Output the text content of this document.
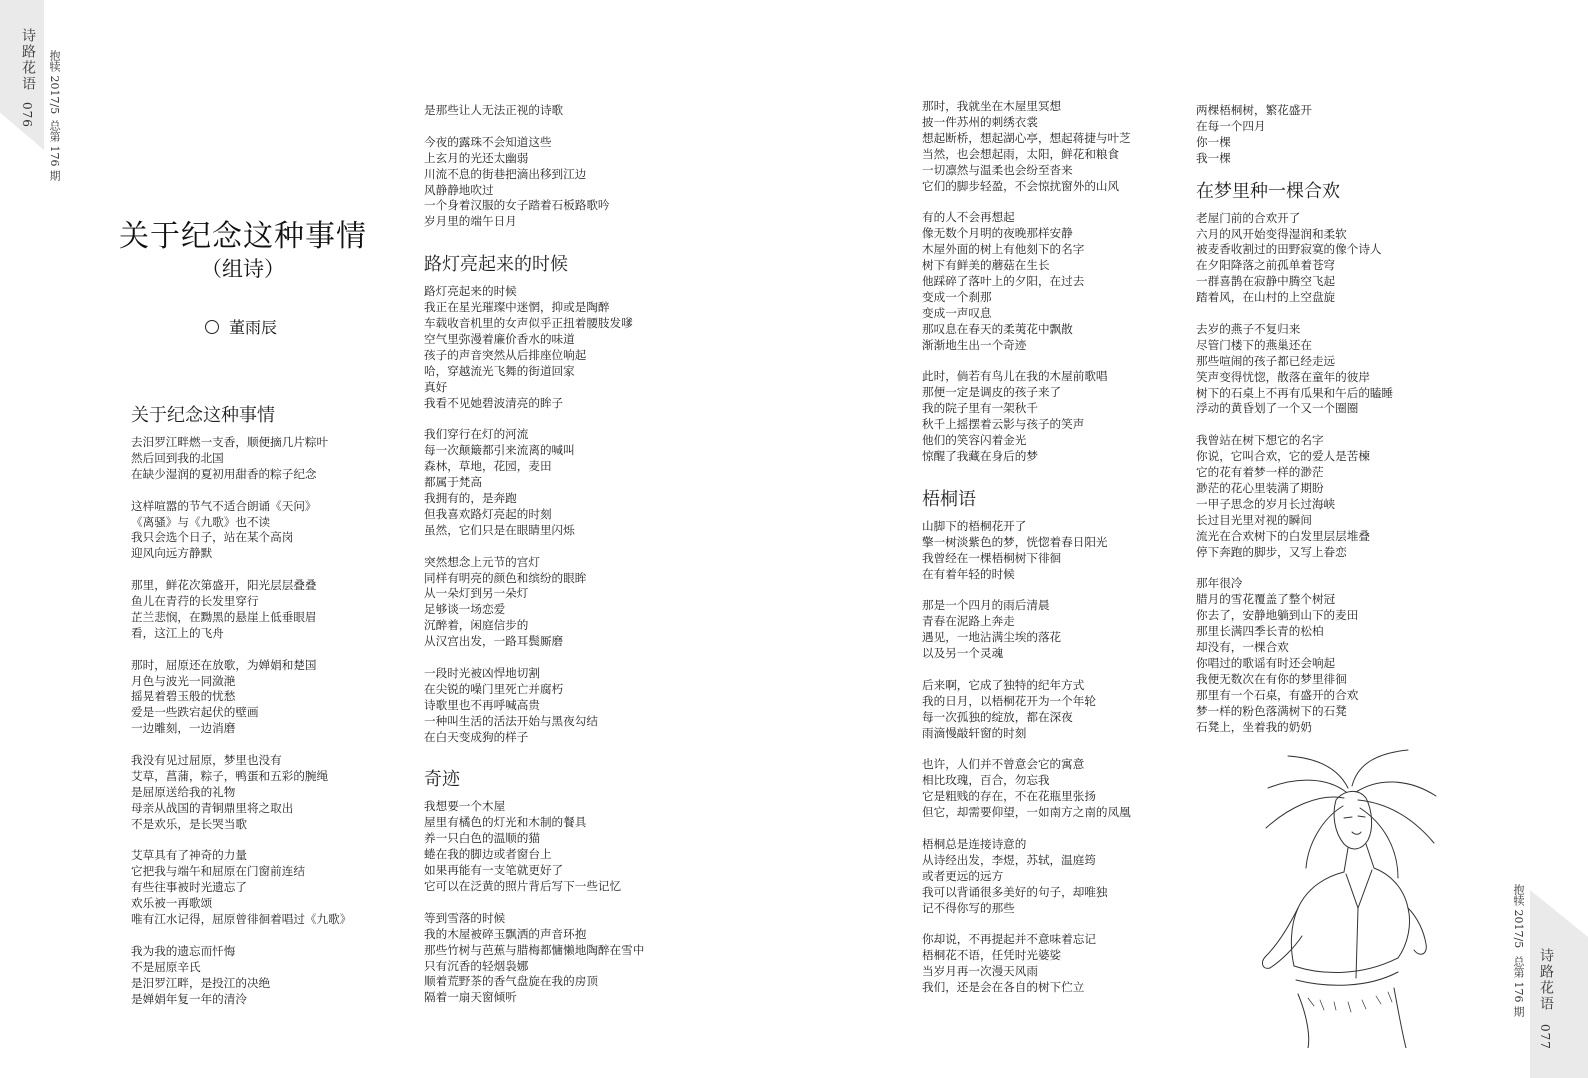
诗路花语
076
抱犊 2017/5
总第 176 期
抱犊 2017/5
总第 176 期 诗路花语
077
关于纪念这种事情
（组诗）
董雨辰
关于纪念这种事情
去汨罗江畔燃一支香，顺便摘几片粽叶
然后回到我的北国
在缺少湿润的夏初用甜香的粽子纪念
这样喧嚣的节气不适合朗诵《天问》
《离骚》与《九歌》也不读
我只会选个日子，站在某个高岗
迎风向远方静默
那里，鲜花次第盛开，阳光层层叠叠
鱼儿在青荇的长发里穿行
芷兰悲悯，在黝黑的悬崖上低垂眼眉
看，这江上的飞舟
那时，屈原还在放歌，为婵娟和楚国
月色与波光一同潋滟
摇晃着碧玉般的忧愁
爱是一些跌宕起伏的壁画
一边雕刻，一边消磨
我没有见过屈原，梦里也没有
艾草，菖蒲，粽子，鸭蛋和五彩的腕绳
是屈原送给我的礼物
母亲从战国的青铜鼎里将之取出
不是欢乐，是长哭当歌
艾草具有了神奇的力量
它把我与端午和屈原在门窗前连结
有些往事被时光遗忘了
欢乐被一再歌颂
唯有江水记得，屈原曾徘徊着唱过《九歌》
我为我的遗忘而忏悔
不是屈原辛氏
是汨罗江畔，是投江的决绝
是婵娟年复一年的清泠
是那些让人无法正视的诗歌
今夜的露珠不会知道这些
上玄月的光还太幽弱
川流不息的街巷把滴出移到江边
风静静地吹过
一个身着汉服的女子踏着石板路歌吟
岁月里的端午日月
路灯亮起来的时候
路灯亮起来的时候
我正在星光璀璨中迷惘，抑或是陶醉
车载收音机里的女声似乎正扭着腰肢发嗲
空气里弥漫着廉价香水的味道
孩子的声音突然从后排座位响起
哈，穿越流光飞舞的街道回家
真好
我看不见她碧波清亮的眸子
我们穿行在灯的河流
每一次颠簸都引来流离的喊叫
森林，草地，花园，麦田
都属于梵高
我拥有的，是奔跑
但我喜欢路灯亮起的时刻
虽然，它们只是在眼睛里闪烁
突然想念上元节的宫灯
同样有明亮的颜色和缤纷的眼眸
从一朵灯到另一朵灯
足够谈一场恋爱
沉醉着，闲庭信步的
从汉宫出发，一路耳鬓厮磨
一段时光被凶悍地切割
在尖锐的噪门里死亡并腐朽
诗歌里也不再呼喊高贵
一种叫生活的活法开始与黑夜勾结
在白天变成狗的样子
奇迹
我想要一个木屋
屋里有橘色的灯光和木制的餐具
养一只白色的温顺的猫
蜷在我的脚边或者窗台上
如果再能有一支笔就更好了
它可以在泛黄的照片背后写下一些记忆
等到雪落的时候
我的木屋被碎玉飘洒的声音环抱
那些竹树与芭蕉与腊梅都慵懒地陶醉在雪中
只有沉香的轻烟袅娜
顺着荒野茶的香气盘旋在我的房顶
隔着一扇天窗倾听
那时，我就坐在木屋里冥想
披一件苏州的刺绣衣裳
想起断桥，想起湖心亭，想起蒋捷与叶芝
当然，也会想起雨，太阳，鲜花和粮食
一切凛然与温柔也会纷至沓来
它们的脚步轻盈，不会惊扰窗外的山风
有的人不会再想起
像无数个月明的夜晚那样安静
木屋外面的树上有他刻下的名字
树下有鲜美的蘑菇在生长
他踩碎了落叶上的夕阳，在过去
变成一个刹那
变成一声叹息
那叹息在春天的柔荑花中飘散
渐渐地生出一个奇迹
此时，倘若有鸟儿在我的木屋前歌唱
那便一定是调皮的孩子来了
我的院子里有一架秋千
秋千上摇摆着云影与孩子的笑声
他们的笑容闪着金光
惊醒了我藏在身后的梦
梧桐语
山脚下的梧桐花开了
擎一树淡紫色的梦，恍惚着春日阳光
我曾经在一棵梧桐树下徘徊
在有着年轻的时候
那是一个四月的雨后清晨
青春在泥路上奔走
遇见，一地沾满尘埃的落花
以及另一个灵魂
后来啊，它成了独特的纪年方式
我的日月，以梧桐花开为一个年轮
每一次孤独的绽放，都在深夜
雨滴慢敲轩窗的时刻
也许，人们并不曾意会它的寓意
相比玫瑰，百合，勿忘我
它是粗贱的存在，不在花瓶里张扬
但它，却需要仰望，一如南方之南的凤凰
梧桐总是连接诗意的
从诗经出发，李煜，苏轼，温庭筠
或者更远的远方
我可以背诵很多美好的句子，却唯独
记不得你写的那些
你却说，不再提起并不意味着忘记
梧桐花不语，任凭时光婆娑
当岁月再一次漫天风雨
我们，还是会在各自的树下伫立
两棵梧桐树，繁花盛开
在每一个四月
你一棵
我一棵
在梦里种一棵合欢
老屋门前的合欢开了
六月的风开始变得湿润和柔软
被麦香收割过的田野寂寞的像个诗人
在夕阳降落之前孤单着苍穹
一群喜鹊在寂静中腾空飞起
踏着风，在山村的上空盘旋
去岁的燕子不复归来
尽管门楼下的燕巢还在
那些喧闹的孩子都已经走远
笑声变得忧惚，散落在童年的彼岸
树下的石桌上不再有瓜果和午后的瞌睡
浮动的黄昏划了一个又一个圈圈
我曾站在树下想它的名字
你说，它叫合欢，它的爱人是苦楝
它的花有着梦一样的渺茫
渺茫的花心里装满了期盼
一甲子思念的岁月长过海峡
长过目光里对视的瞬间
流光在合欢树下的白发里层层堆叠
停下奔跑的脚步，又写上眷恋
那年很冷
腊月的雪花覆盖了整个树冠
你去了，安静地躺到山下的麦田
那里长满四季长青的松柏
却没有，一棵合欢
你唱过的歌谣有时还会响起
我便无数次在有你的梦里徘徊
那里有一个石桌，有盛开的合欢
梦一样的粉色落满树下的石凳
石凳上，坐着我的奶奶
